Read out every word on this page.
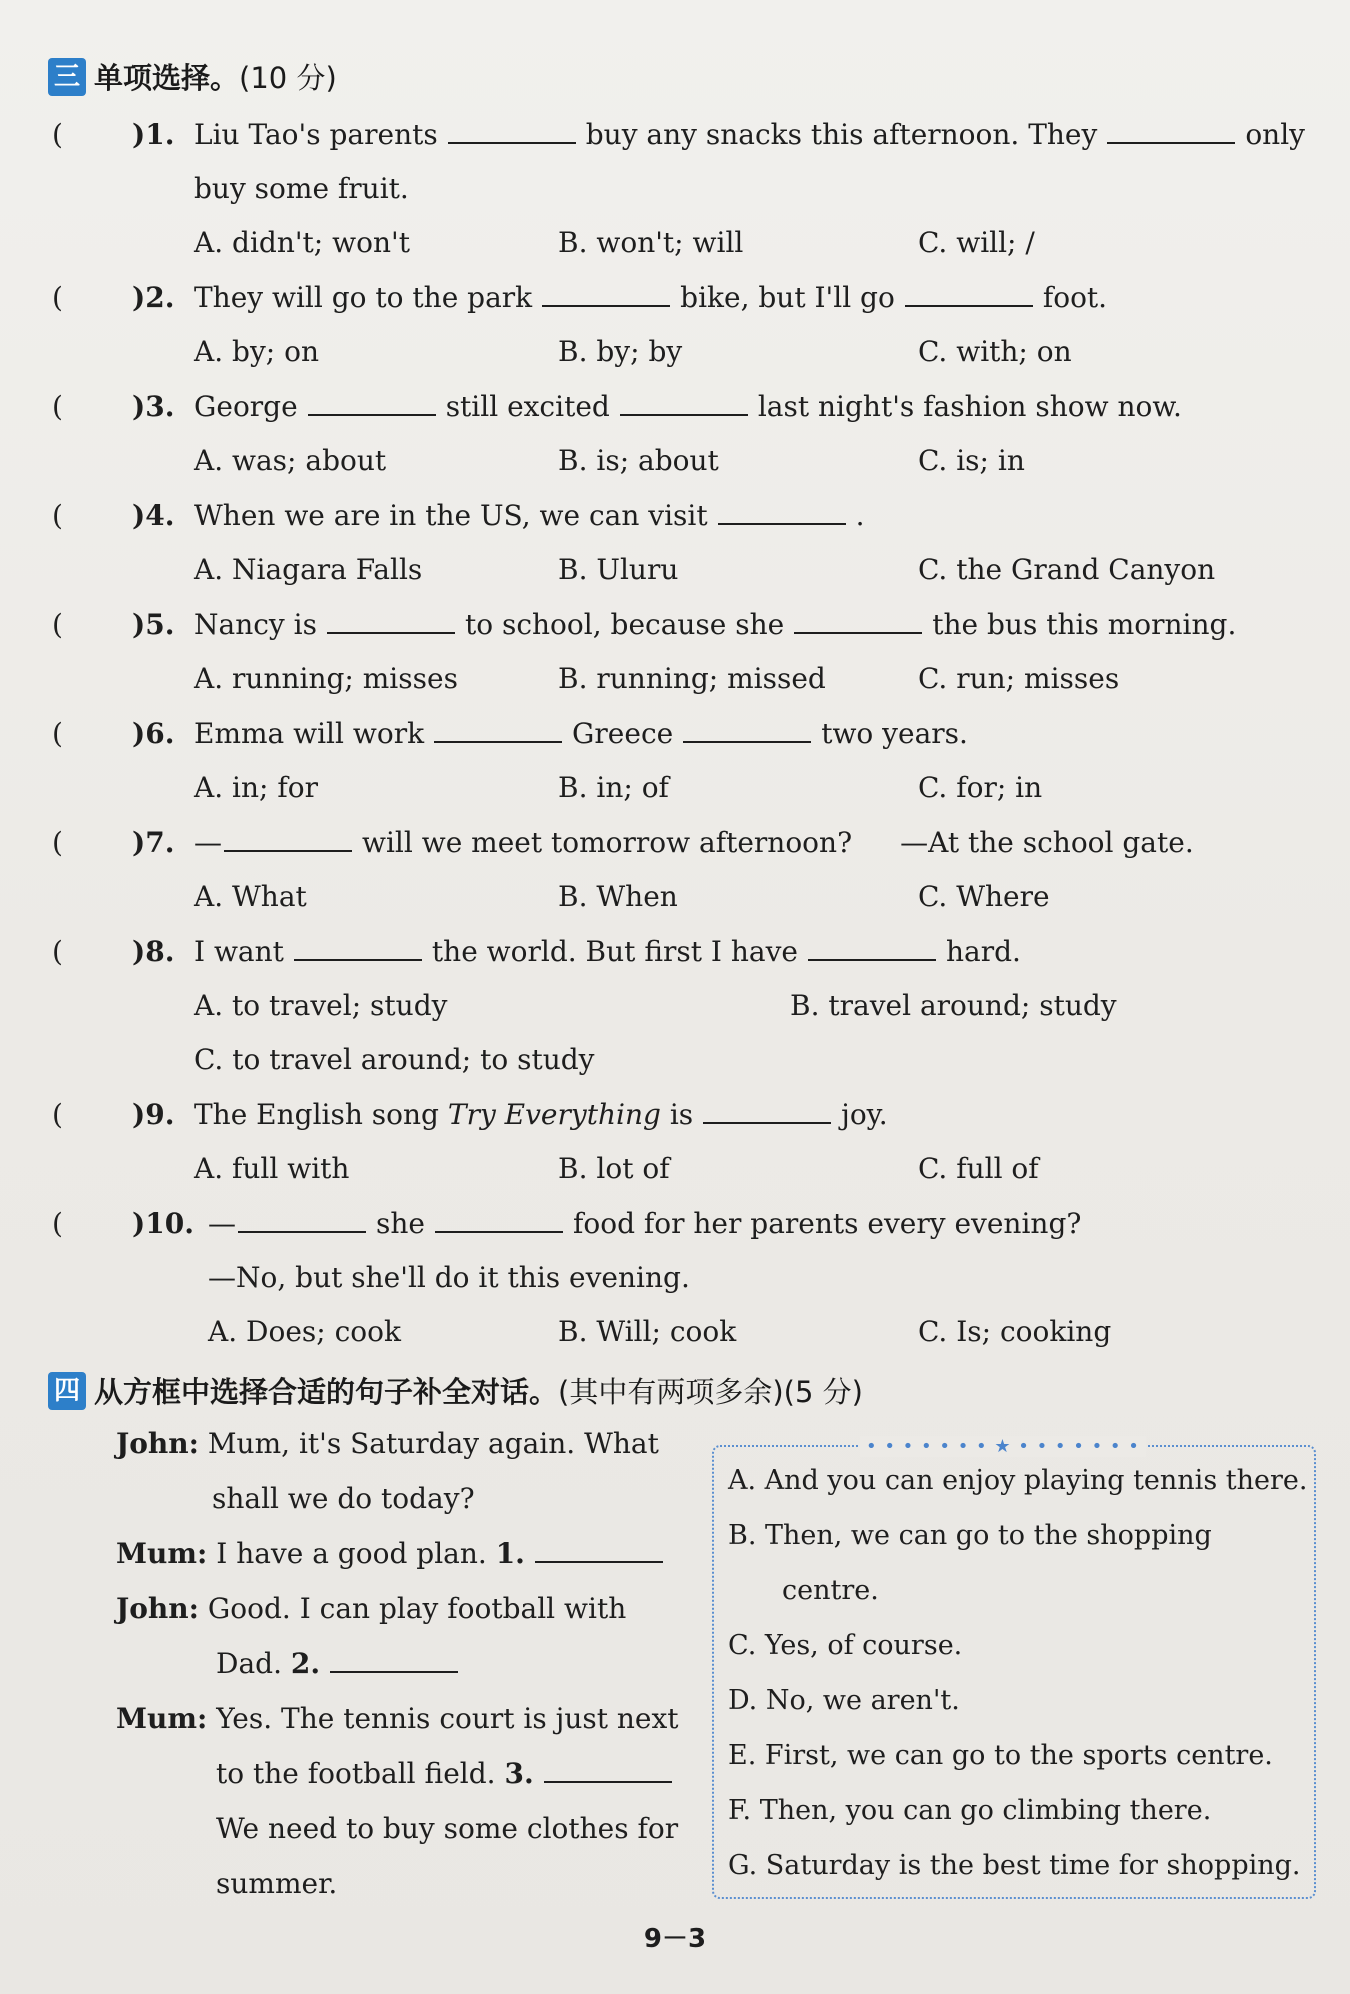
三 单项选择。 (10 分)
( )1. Liu Tao's parents	buy any snacks this afternoon. They	only
buy some fruit.
A. didn't; won't	B. won't; will	C. will; /
( )2. They will go to the park	bike, but I'll go	foot.
A. by; on	B. by; by	C. with; on
( )3. George	still excited	last night's fashion show now.
A. was; about	B. is; about	C. is; in
( )4. When we are in the US, we can visit	.
A. Niagara Falls	B. Uluru	C. the Grand Canyon
( )5. Nancy is	to school, because she	the bus this morning.
A. running; misses	B. running; missed	C. run; misses
( )6. Emma will work	Greece	two years.
A. in; for	B. in; of	C. for; in
( )7. —	will we meet tomorrow afternoon? —At the school gate.
A. What	B. When	C. Where
( )8. I want	the world. But first I have	hard.
A. to travel; study	B. travel around; study
C. to travel around; to study
( )9. The English song Try Everything is	joy.
A. full with	B. lot of	C. full of
( )10. —	she	food for her parents every evening?
—No, but she'll do it this evening.
A. Does; cook	B. Will; cook	C. Is; cooking
四 从方框中选择合适的句子补全对话。 (其中有两项多余)(5 分)
John: Mum, it's Saturday again. What
shall we do today?
Mum: I have a good plan. 1.
John: Good. I can play football with
Dad. 2.
Mum: Yes. The tennis court is just next
to the football field. 3.
We need to buy some clothes for
summer.
• • • • • • • ★ • • • • • • •
A. And you can enjoy playing tennis there.
B. Then, we can go to the shopping
centre.
C. Yes, of course.
D. No, we aren't.
E. First, we can go to the sports centre.
F. Then, you can go climbing there.
G. Saturday is the best time for shopping.
9－3
